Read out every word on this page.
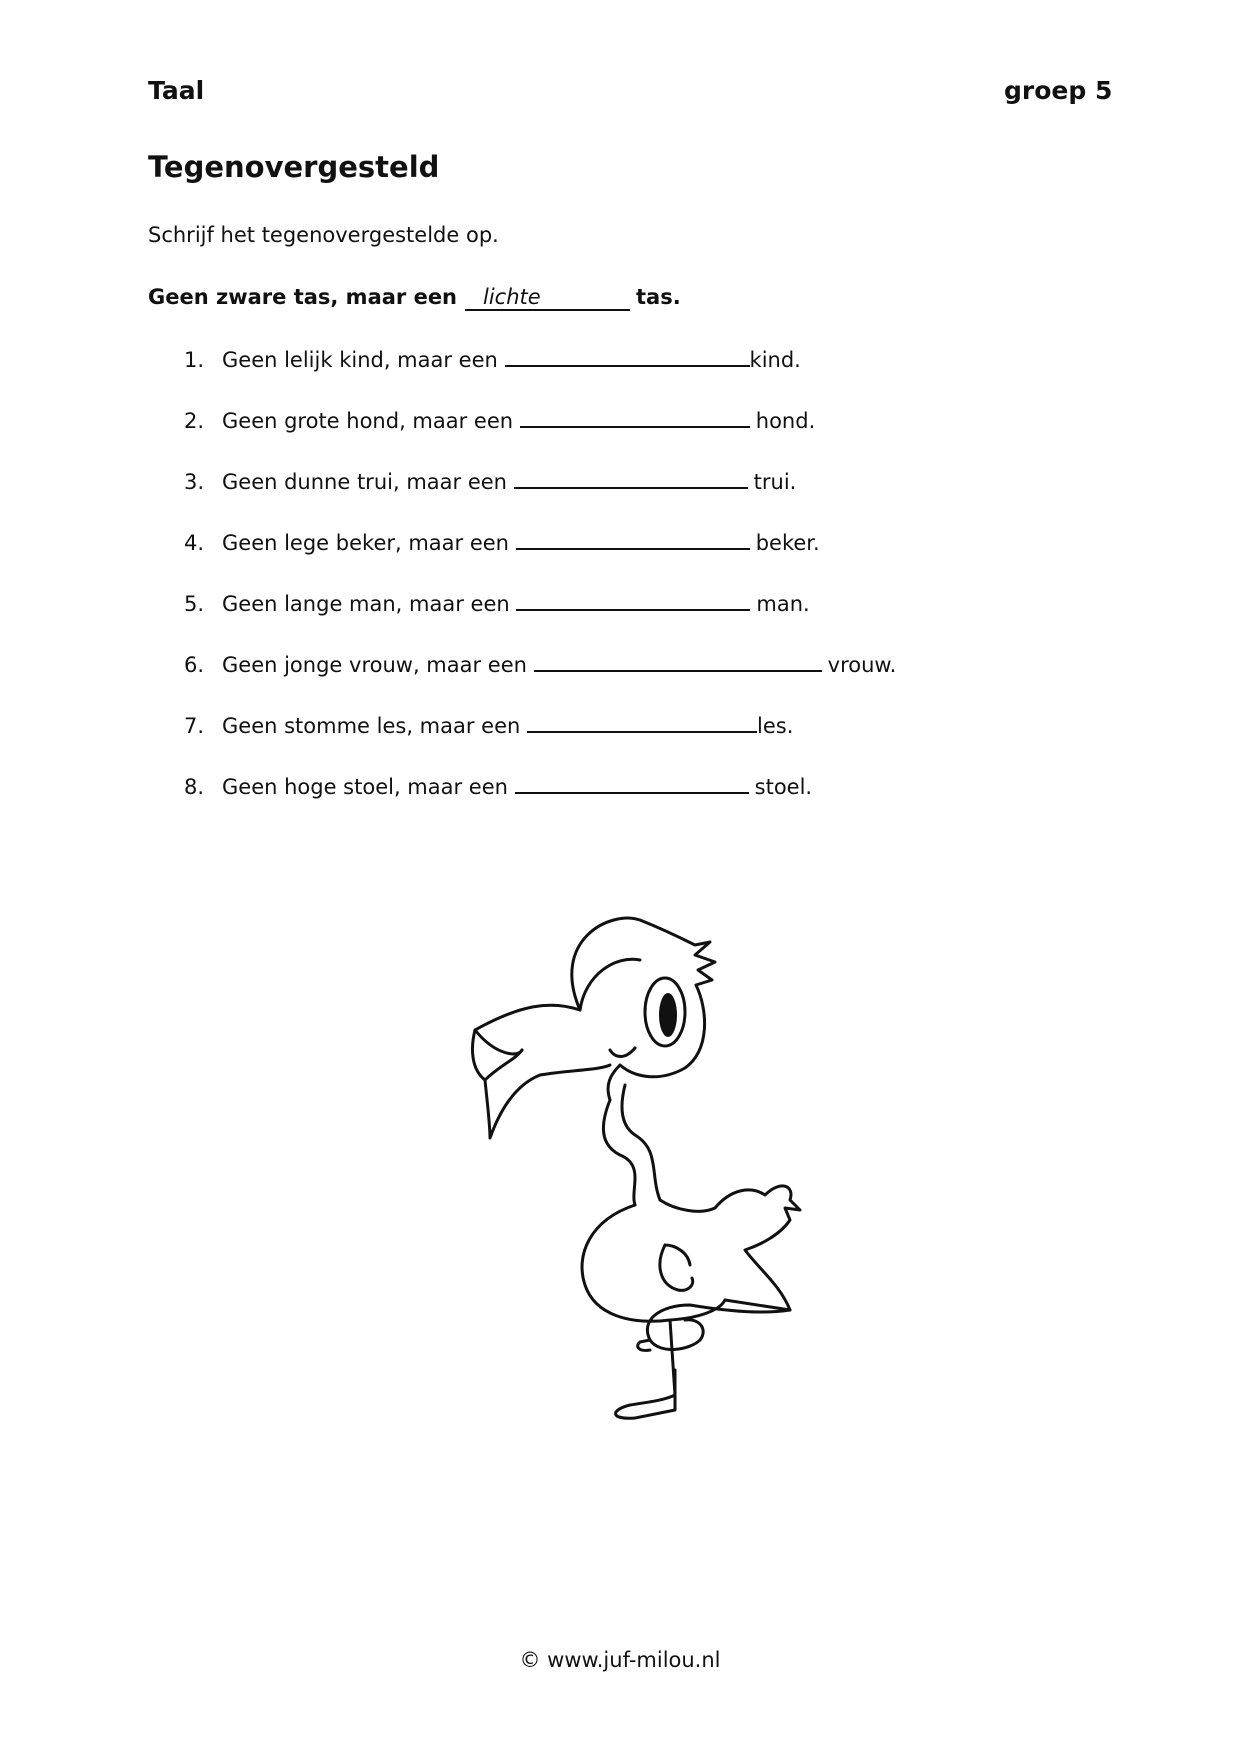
Taal	groep 5
Tegenovergesteld
Schrijf het tegenovergestelde op.
Geen zware tas, maar een lichte	tas.
1. Geen lelijk kind, maar een	kind.
2. Geen grote hond, maar een	hond.
3. Geen dunne trui, maar een	trui.
4. Geen lege beker, maar een	beker.
5. Geen lange man, maar een	man.
6. Geen jonge vrouw, maar een	vrouw.
7. Geen stomme les, maar een	les.
8. Geen hoge stoel, maar een	stoel.
© www.juf-milou.nl
